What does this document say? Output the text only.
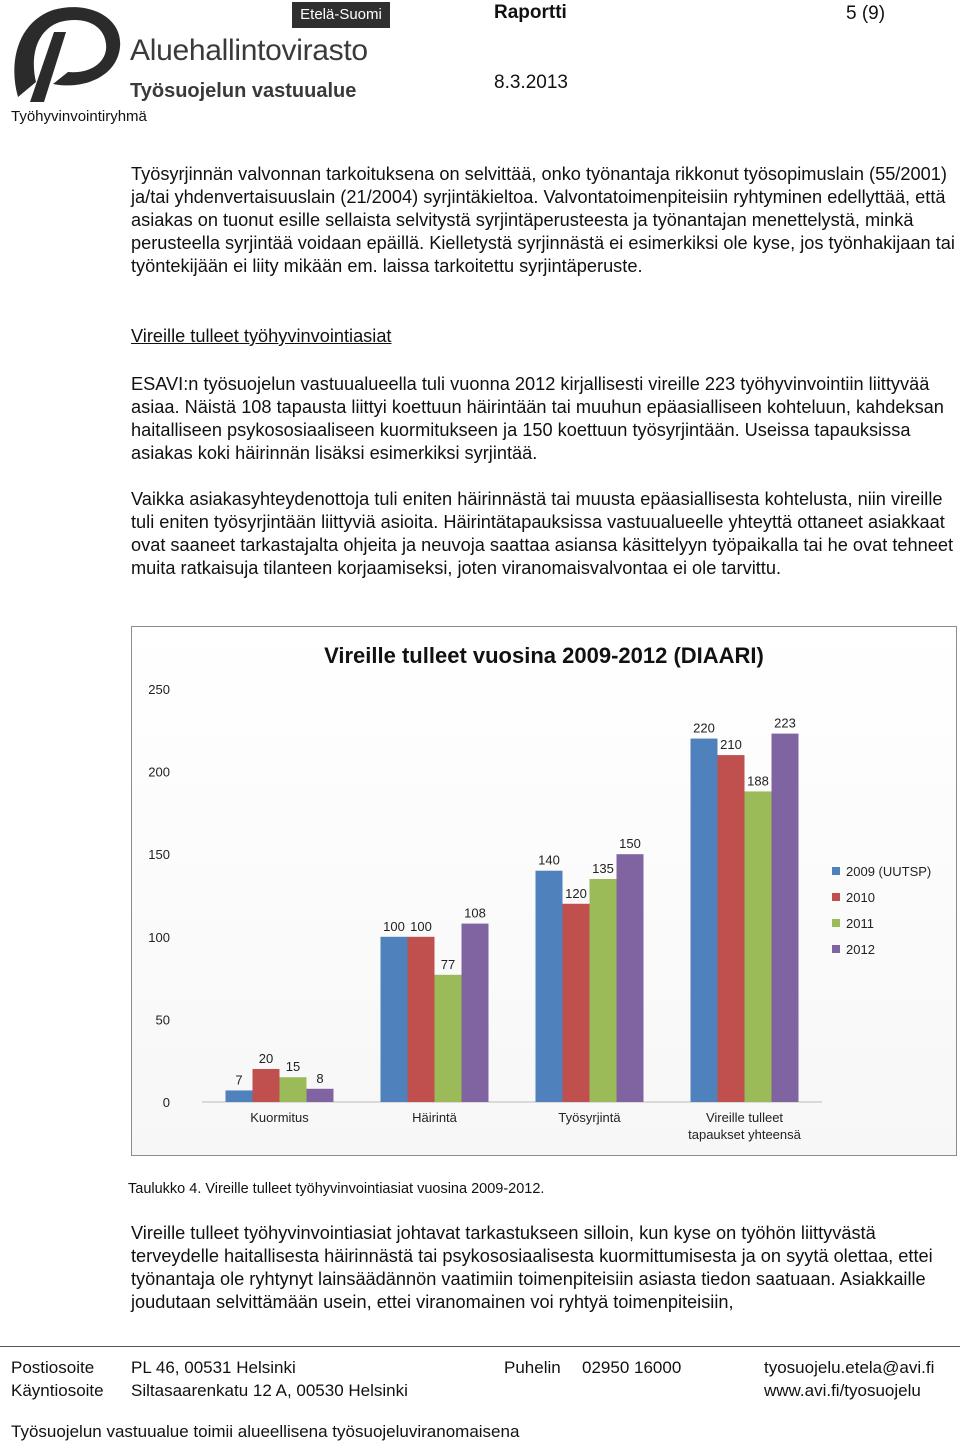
Etelä-Suomi
Aluehallintovirasto
Työsuojelun vastuualue
Työhyvinvointiryhmä
Raportti	5 (9)
8.3.2013

Työsyrjinnän valvonnan tarkoituksena on selvittää, onko työnantaja rikkonut työsopimuslain (55/2001) ja/tai yhdenvertaisuuslain (21/2004) syrjintäkieltoa. Valvontatoimenpiteisiin ryhtyminen edellyttää, että asiakas on tuonut esille sellaista selvitystä syrjintäperusteesta ja työnantajan menettelystä, minkä perusteella syrjintää voidaan epäillä. Kielletystä syrjinnästä ei esimerkiksi ole kyse, jos työnhakijaan tai työntekijään ei liity mikään em. laissa tarkoitettu syrjintäperuste.

Vireille tulleet työhyvinvointiasiat

ESAVI:n työsuojelun vastuualueella tuli vuonna 2012 kirjallisesti vireille 223 työhyvinvointiin liittyvää asiaa. Näistä 108 tapausta liittyi koettuun häirintään tai muuhun epäasialliseen kohteluun, kahdeksan haitalliseen psykososiaaliseen kuormitukseen ja 150 koettuun työsyrjintään. Useissa tapauksissa asiakas koki häirinnän lisäksi esimerkiksi syrjintää.

Vaikka asiakasyhteydenottoja tuli eniten häirinnästä tai muusta epäasiallisesta kohtelusta, niin vireille tuli eniten työsyrjintään liittyviä asioita. Häirintätapauksissa vastuualueelle yhteyttä ottaneet asiakkaat ovat saaneet tarkastajalta ohjeita ja neuvoja saattaa asiansa käsittelyyn työpaikalla tai he ovat tehneet muita ratkaisuja tilanteen korjaamiseksi, joten viranomaisvalvontaa ei ole tarvittu.

Vireille tulleet vuosina 2009-2012 (DIAARI)
0
50
100
150
200
250
7
20
15
8
Kuormitus
100 100
77
108
Häirintä
140
120
135
150
Työsyrjintä
220
210
188
223
Vireille tulleet
tapaukset yhteensä
2009 (UUTSP)
2010
2011
2012
Taulukko 4. Vireille tulleet työhyvinvointiasiat vuosina 2009-2012.

Vireille tulleet työhyvinvointiasiat johtavat tarkastukseen silloin, kun kyse on työhön liittyvästä terveydelle haitallisesta häirinnästä tai psykososiaalisesta kuormittumisesta ja on syytä olettaa, ettei työnantaja ole ryhtynyt lainsäädännön vaatimiin toimenpiteisiin asiasta tiedon saatuaan. Asiakkaille joudutaan selvittämään usein, ettei viranomainen voi ryhtyä toimenpiteisiin,

Postiosoite PL 46, 00531 Helsinki	Puhelin 02950 16000	tyosuojelu.etela@avi.fi
Käyntiosoite Siltasaarenkatu 12 A, 00530 Helsinki	www.avi.fi/tyosuojelu
Työsuojelun vastuualue toimii alueellisena työsuojeluviranomaisena
